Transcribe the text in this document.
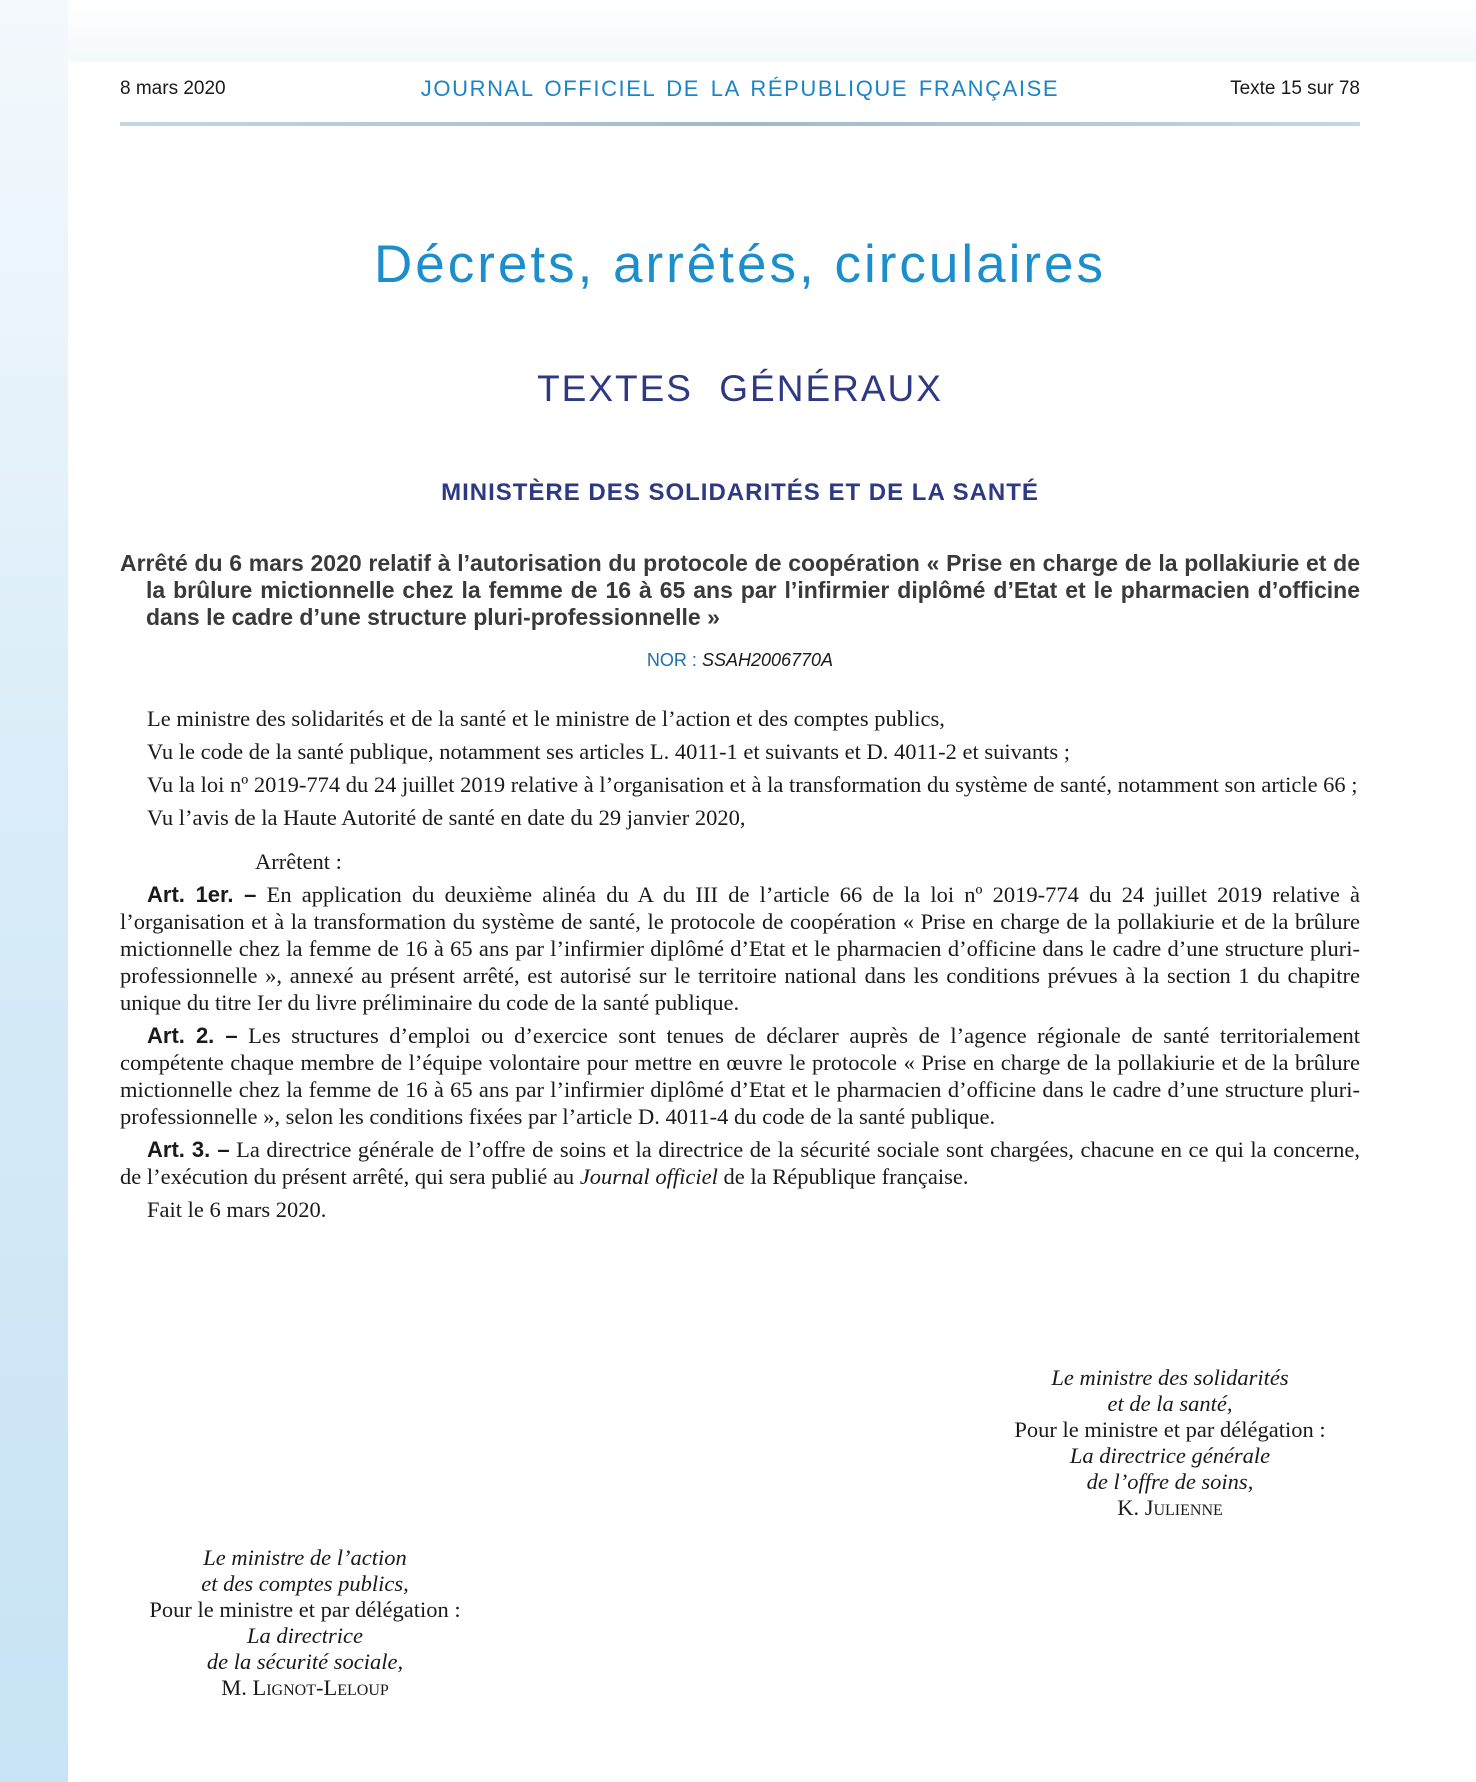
8 mars 2020	JOURNAL OFFICIEL DE LA RÉPUBLIQUE FRANÇAISE	Texte 15 sur 78
Décrets, arrêtés, circulaires
TEXTES GÉNÉRAUX
MINISTÈRE DES SOLIDARITÉS ET DE LA SANTÉ
Arrêté du 6 mars 2020 relatif à l’autorisation du protocole de coopération « Prise en charge de la pollakiurie et de la brûlure mictionnelle chez la femme de 16 à 65 ans par l’infirmier diplômé d’Etat et le pharmacien d’officine dans le cadre d’une structure pluri-professionnelle »
NOR : SSAH2006770A

Le ministre des solidarités et de la santé et le ministre de l’action et des comptes publics,

Vu le code de la santé publique, notamment ses articles L. 4011-1 et suivants et D. 4011-2 et suivants ;

Vu la loi nº 2019-774 du 24 juillet 2019 relative à l’organisation et à la transformation du système de santé, notamment son article 66 ;

Vu l’avis de la Haute Autorité de santé en date du 29 janvier 2020,

Arrêtent :

Art. 1er. – En application du deuxième alinéa du A du III de l’article 66 de la loi nº 2019-774 du 24 juillet 2019 relative à l’organisation et à la transformation du système de santé, le protocole de coopération « Prise en charge de la pollakiurie et de la brûlure mictionnelle chez la femme de 16 à 65 ans par l’infirmier diplômé d’Etat et le pharmacien d’officine dans le cadre d’une structure pluri-professionnelle », annexé au présent arrêté, est autorisé sur le territoire national dans les conditions prévues à la section 1 du chapitre unique du titre Ier du livre préliminaire du code de la santé publique.

Art. 2. – Les structures d’emploi ou d’exercice sont tenues de déclarer auprès de l’agence régionale de santé territorialement compétente chaque membre de l’équipe volontaire pour mettre en œuvre le protocole « Prise en charge de la pollakiurie et de la brûlure mictionnelle chez la femme de 16 à 65 ans par l’infirmier diplômé d’Etat et le pharmacien d’officine dans le cadre d’une structure pluri-professionnelle », selon les conditions fixées par l’article D. 4011-4 du code de la santé publique.

Art. 3. – La directrice générale de l’offre de soins et la directrice de la sécurité sociale sont chargées, chacune en ce qui la concerne, de l’exécution du présent arrêté, qui sera publié au Journal officiel de la République française.

Fait le 6 mars 2020.

Le ministre des solidarités
et de la santé,
Pour le ministre et par délégation :
La directrice générale
de l’offre de soins,
K. Julienne
Le ministre de l’action
et des comptes publics,
Pour le ministre et par délégation :
La directrice
de la sécurité sociale,
M. Lignot-Leloup
